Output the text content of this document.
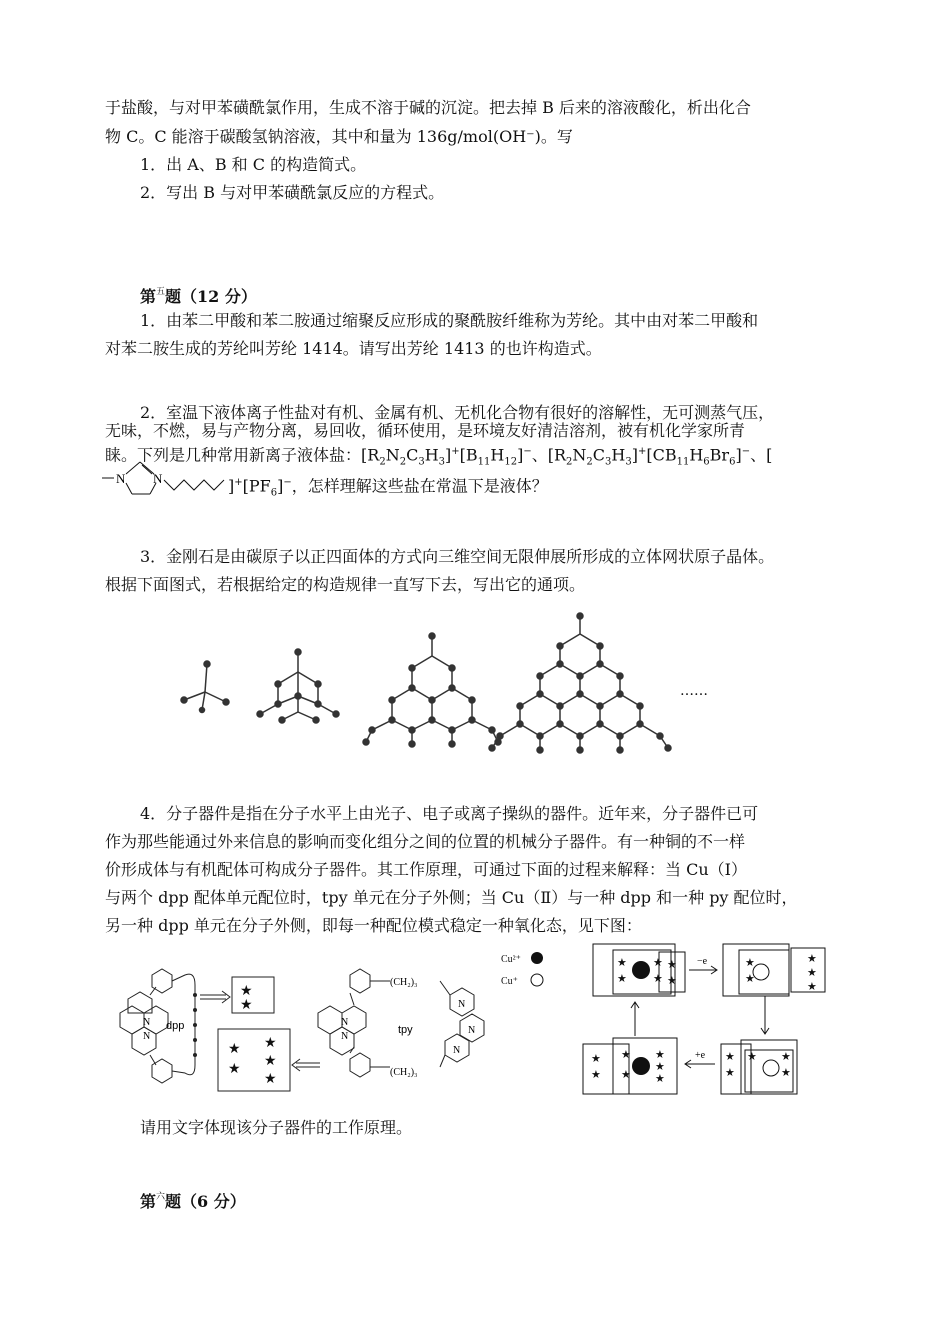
于盐酸，与对甲苯磺酰氯作用，生成不溶于碱的沉淀。把去掉 B 后来的溶液酸化，析出化合
物 C。C 能溶于碳酸氢钠溶液，其中和量为 136g/mol(OH⁻)。写
1．出 A、B 和 C 的构造简式。
2．写出 B 与对甲苯磺酰氯反应的方程式。
第$^五$题（12 分）
1．由苯二甲酸和苯二胺通过缩聚反应形成的聚酰胺纤维称为芳纶。其中由对苯二甲酸和
对苯二胺生成的芳纶叫芳纶 1414。请写出芳纶 1413 的也许构造式。
2．室温下液体离子性盐对有机、金属有机、无机化合物有很好的溶解性，无可测蒸气压，
无味，不燃，易与产物分离，易回收，循环使用，是环境友好清洁溶剂，被有机化学家所青
睐。下列是几种常用新离子液体盐：$[R_2N_2C_3H_3]^+[B_{11}H_{12}]^-$、$[R_2N_2C_3H_3]^+[CB_{11}H_6Br_6]^-$、[
N N	]$^+[PF_6]^-$，怎样理解这些盐在常温下是液体？
3．金刚石是由碳原子以正四面体的方式向三维空间无限伸展所形成的立体网状原子晶体。
根据下面图式，若根据给定的构造规律一直写下去，写出它的通项。
……
4．分子器件是指在分子水平上由光子、电子或离子操纵的器件。近年来，分子器件已可
作为那些能通过外来信息的影响而变化组分之间的位置的机械分子器件。有一种铜的不一样
价形成体与有机配体可构成分子器件。其工作原理，可通过下面的过程来解释：当 Cu（Ⅰ）
与两个 dpp 配体单元配位时，tpy 单元在分子外侧；当 Cu（Ⅱ）与一种 dpp 和一种 py 配位时，
另一种 dpp 单元在分子外侧，即每一种配位模式稳定一种氧化态，见下图：
★
★
★
★
★
★
★
dpp	tpy
(CH₂)₃
(CH₂)₃
N
N
N
N
N
N
N
Cu²⁺
Cu⁺
★ ★
★ ★
★
★
★
★
★
★
★
★
★
★
★
★
★
★
★
★
★ ★
★
−e
+e
请用文字体现该分子器件的工作原理。
第$^六$题（6 分）
